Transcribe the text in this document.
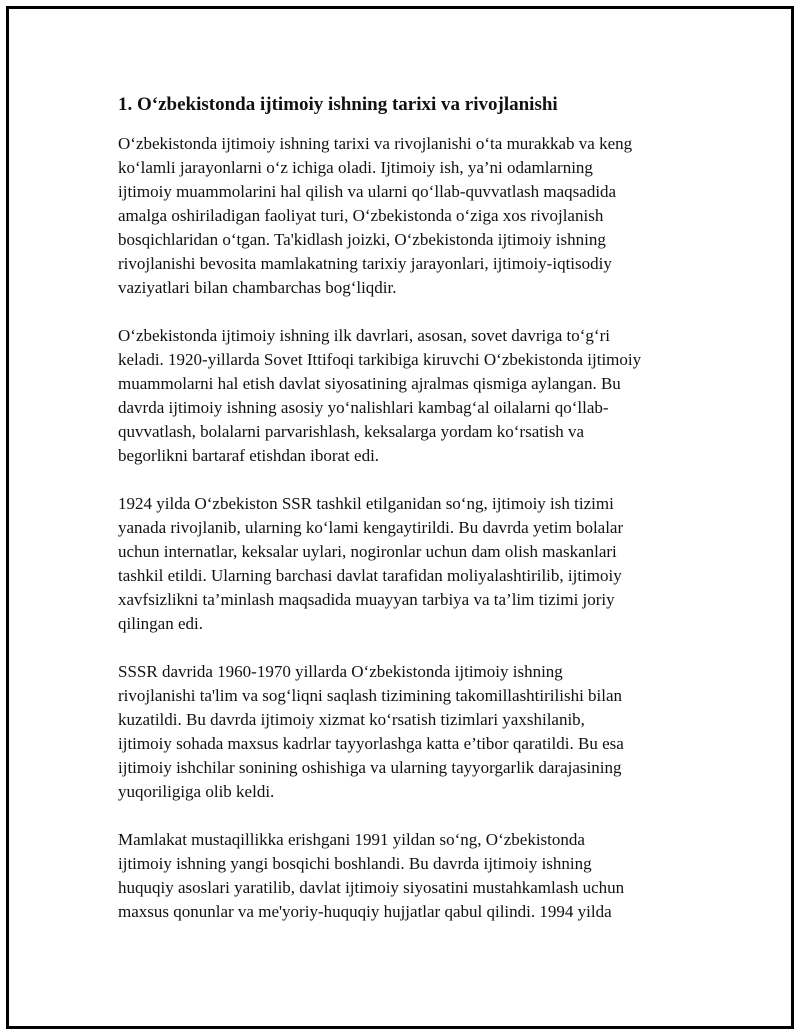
1. O‘zbekistonda ijtimoiy ishning tarixi va rivojlanishi

O‘zbekistonda ijtimoiy ishning tarixi va rivojlanishi o‘ta murakkab va keng
ko‘lamli jarayonlarni o‘z ichiga oladi. Ijtimoiy ish, ya’ni odamlarning
ijtimoiy muammolarini hal qilish va ularni qo‘llab-quvvatlash maqsadida
amalga oshiriladigan faoliyat turi, O‘zbekistonda o‘ziga xos rivojlanish
bosqichlaridan o‘tgan. Ta'kidlash joizki, O‘zbekistonda ijtimoiy ishning
rivojlanishi bevosita mamlakatning tarixiy jarayonlari, ijtimoiy-iqtisodiy
vaziyatlari bilan chambarchas bog‘liqdir.

O‘zbekistonda ijtimoiy ishning ilk davrlari, asosan, sovet davriga to‘g‘ri
keladi. 1920-yillarda Sovet Ittifoqi tarkibiga kiruvchi O‘zbekistonda ijtimoiy
muammolarni hal etish davlat siyosatining ajralmas qismiga aylangan. Bu
davrda ijtimoiy ishning asosiy yo‘nalishlari kambag‘al oilalarni qo‘llab-
quvvatlash, bolalarni parvarishlash, keksalarga yordam ko‘rsatish va
begorlikni bartaraf etishdan iborat edi.

1924 yilda O‘zbekiston SSR tashkil etilganidan so‘ng, ijtimoiy ish tizimi
yanada rivojlanib, ularning ko‘lami kengaytirildi. Bu davrda yetim bolalar
uchun internatlar, keksalar uylari, nogironlar uchun dam olish maskanlari
tashkil etildi. Ularning barchasi davlat tarafidan moliyalashtirilib, ijtimoiy
xavfsizlikni ta’minlash maqsadida muayyan tarbiya va ta’lim tizimi joriy
qilingan edi.

SSSR davrida 1960-1970 yillarda O‘zbekistonda ijtimoiy ishning
rivojlanishi ta'lim va sog‘liqni saqlash tizimining takomillashtirilishi bilan
kuzatildi. Bu davrda ijtimoiy xizmat ko‘rsatish tizimlari yaxshilanib,
ijtimoiy sohada maxsus kadrlar tayyorlashga katta e’tibor qaratildi. Bu esa
ijtimoiy ishchilar sonining oshishiga va ularning tayyorgarlik darajasining
yuqoriligiga olib keldi.

Mamlakat mustaqillikka erishgani 1991 yildan so‘ng, O‘zbekistonda
ijtimoiy ishning yangi bosqichi boshlandi. Bu davrda ijtimoiy ishning
huquqiy asoslari yaratilib, davlat ijtimoiy siyosatini mustahkamlash uchun
maxsus qonunlar va me'yoriy-huquqiy hujjatlar qabul qilindi. 1994 yilda
